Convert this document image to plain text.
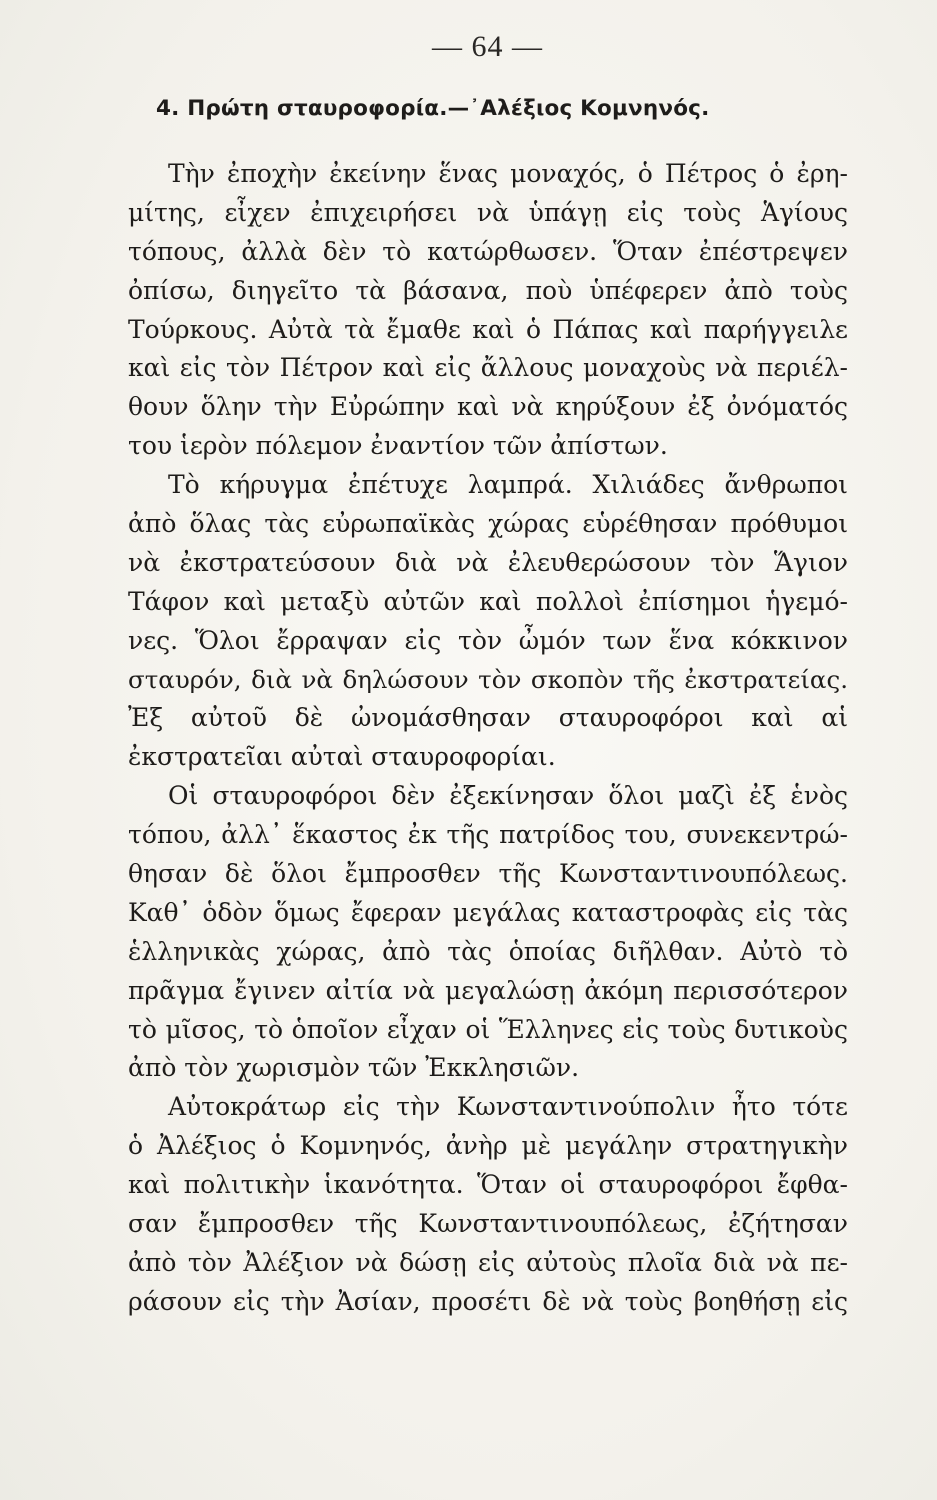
— 64 —
4. Πρώτη σταυροφορία.—᾿Αλέξιος Κομνηνός.
Τὴν ἐποχὴν ἐκείνην ἕνας μοναχός, ὁ Πέτρος ὁ ἐρη-
μίτης, εἶχεν ἐπιχειρήσει νὰ ὑπάγῃ εἰς τοὺς Ἁγίους
τόπους, ἀλλὰ δὲν τὸ κατώρθωσεν. Ὅταν ἐπέστρεψεν
ὀπίσω, διηγεῖτο τὰ βάσανα, ποὺ ὑπέφερεν ἀπὸ τοὺς
Τούρκους. Αὐτὰ τὰ ἔμαθε καὶ ὁ Πάπας καὶ παρήγγειλε
καὶ εἰς τὸν Πέτρον καὶ εἰς ἄλλους μοναχοὺς νὰ περιέλ-
θουν ὅλην τὴν Εὐρώπην καὶ νὰ κηρύξουν ἐξ ὀνόματός
του ἱερὸν πόλεμον ἐναντίον τῶν ἀπίστων.
Τὸ κήρυγμα ἐπέτυχε λαμπρά. Χιλιάδες ἄνθρωποι
ἀπὸ ὅλας τὰς εὐρωπαϊκὰς χώρας εὑρέθησαν πρόθυμοι
νὰ ἐκστρατεύσουν διὰ νὰ ἐλευθερώσουν τὸν Ἅγιον
Τάφον καὶ μεταξὺ αὐτῶν καὶ πολλοὶ ἐπίσημοι ἡγεμό-
νες. Ὅλοι ἔρραψαν εἰς τὸν ὦμόν των ἕνα κόκκινον
σταυρόν, διὰ νὰ δηλώσουν τὸν σκοπὸν τῆς ἐκστρατείας.
Ἐξ αὐτοῦ δὲ ὠνομάσθησαν σταυροφόροι καὶ αἱ
ἐκστρατεῖαι αὐταὶ σταυροφορίαι.
Οἱ σταυροφόροι δὲν ἐξεκίνησαν ὅλοι μαζὶ ἐξ ἑνὸς
τόπου, ἀλλ᾿ ἕκαστος ἐκ τῆς πατρίδος του, συνεκεντρώ-
θησαν δὲ ὅλοι ἔμπροσθεν τῆς Κωνσταντινουπόλεως.
Καθ᾿ ὁδὸν ὅμως ἔφεραν μεγάλας καταστροφὰς εἰς τὰς
ἑλληνικὰς χώρας, ἀπὸ τὰς ὁποίας διῆλθαν. Αὐτὸ τὸ
πρᾶγμα ἔγινεν αἰτία νὰ μεγαλώσῃ ἀκόμη περισσότερον
τὸ μῖσος, τὸ ὁποῖον εἶχαν οἱ Ἕλληνες εἰς τοὺς δυτικοὺς
ἀπὸ τὸν χωρισμὸν τῶν Ἐκκλησιῶν.
Αὐτοκράτωρ εἰς τὴν Κωνσταντινούπολιν ἦτο τότε
ὁ Ἀλέξιος ὁ Κομνηνός, ἀνὴρ μὲ μεγάλην στρατηγικὴν
καὶ πολιτικὴν ἱκανότητα. Ὅταν οἱ σταυροφόροι ἔφθα-
σαν ἔμπροσθεν τῆς Κωνσταντινουπόλεως, ἐζήτησαν
ἀπὸ τὸν Ἀλέξιον νὰ δώσῃ εἰς αὐτοὺς πλοῖα διὰ νὰ πε-
ράσουν εἰς τὴν Ἀσίαν, προσέτι δὲ νὰ τοὺς βοηθήσῃ εἰς
